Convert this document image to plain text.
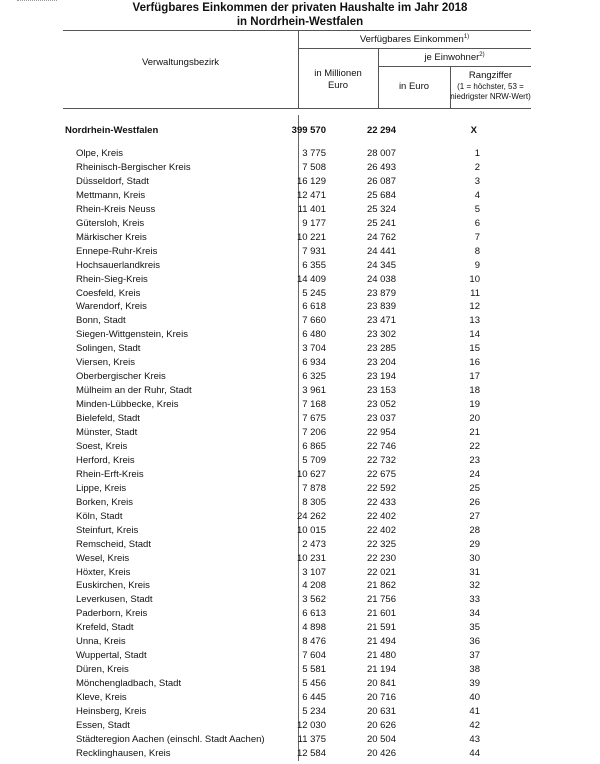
Verfügbares Einkommen der privaten Haushalte im Jahr 2018
in Nordrhein-Westfalen
Verwaltungsbezirk
Verfügbares Einkommen$^{1)}$
in Millionen
Euro
je Einwohner$^{2)}$
in Euro
Rangziffer
(1 = höchster, 53 =
niedrigster NRW-Wert)
Nordrhein-Westfalen	399 570	22 294	X
Olpe, Kreis	3 775	28 007	1
Rheinisch-Bergischer Kreis	7 508	26 493	2
Düsseldorf, Stadt	16 129	26 087	3
Mettmann, Kreis	12 471	25 684	4
Rhein-Kreis Neuss	11 401	25 324	5
Gütersloh, Kreis	9 177	25 241	6
Märkischer Kreis	10 221	24 762	7
Ennepe-Ruhr-Kreis	7 931	24 441	8
Hochsauerlandkreis	6 355	24 345	9
Rhein-Sieg-Kreis	14 409	24 038	10
Coesfeld, Kreis	5 245	23 879	11
Warendorf, Kreis	6 618	23 839	12
Bonn, Stadt	7 660	23 471	13
Siegen-Wittgenstein, Kreis	6 480	23 302	14
Solingen, Stadt	3 704	23 285	15
Viersen, Kreis	6 934	23 204	16
Oberbergischer Kreis	6 325	23 194	17
Mülheim an der Ruhr, Stadt	3 961	23 153	18
Minden-Lübbecke, Kreis	7 168	23 052	19
Bielefeld, Stadt	7 675	23 037	20
Münster, Stadt	7 206	22 954	21
Soest, Kreis	6 865	22 746	22
Herford, Kreis	5 709	22 732	23
Rhein-Erft-Kreis	10 627	22 675	24
Lippe, Kreis	7 878	22 592	25
Borken, Kreis	8 305	22 433	26
Köln, Stadt	24 262	22 402	27
Steinfurt, Kreis	10 015	22 402	28
Remscheid, Stadt	2 473	22 325	29
Wesel, Kreis	10 231	22 230	30
Höxter, Kreis	3 107	22 021	31
Euskirchen, Kreis	4 208	21 862	32
Leverkusen, Stadt	3 562	21 756	33
Paderborn, Kreis	6 613	21 601	34
Krefeld, Stadt	4 898	21 591	35
Unna, Kreis	8 476	21 494	36
Wuppertal, Stadt	7 604	21 480	37
Düren, Kreis	5 581	21 194	38
Mönchengladbach, Stadt	5 456	20 841	39
Kleve, Kreis	6 445	20 716	40
Heinsberg, Kreis	5 234	20 631	41
Essen, Stadt	12 030	20 626	42
Städteregion Aachen (einschl. Stadt Aachen)	11 375	20 504	43
Recklinghausen, Kreis	12 584	20 426	44
